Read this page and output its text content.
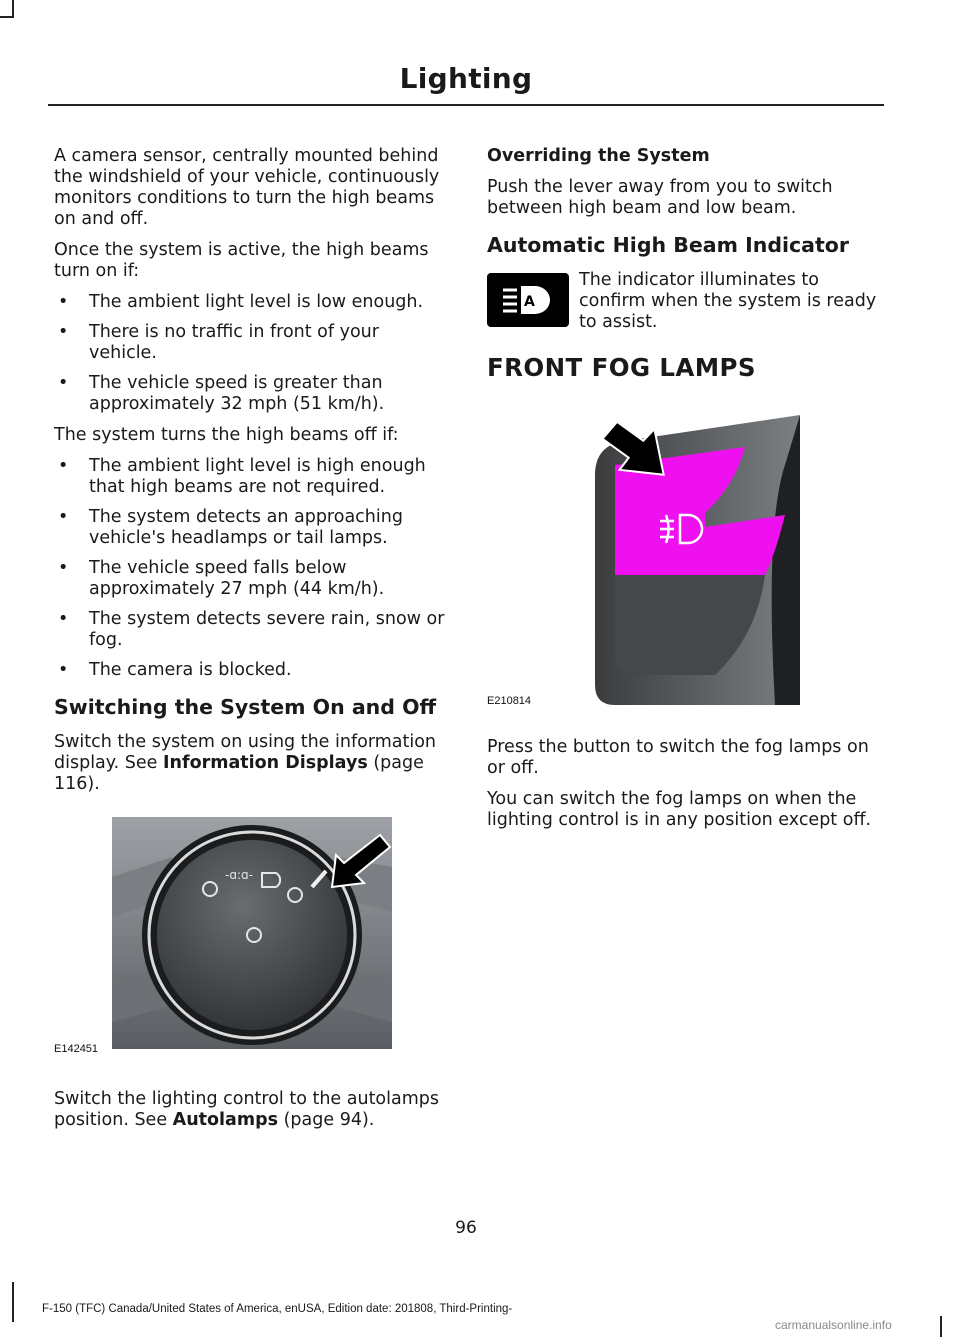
Lighting

A camera sensor, centrally mounted behind the windshield of your vehicle, continuously monitors conditions to turn the high beams on and off.

Once the system is active, the high beams turn on if:

• The ambient light level is low enough.
• There is no traffic in front of your vehicle.
• The vehicle speed is greater than approximately 32 mph (51 km/h).

The system turns the high beams off if:

• The ambient light level is high enough that high beams are not required.
• The system detects an approaching vehicle's headlamps or tail lamps.
• The vehicle speed falls below approximately 27 mph (44 km/h).
• The system detects severe rain, snow or fog.
• The camera is blocked.
Switching the System On and Off

Switch the system on using the information display. See Information Displays (page 116).

-ɑ:ɑ-
E142451

Switch the lighting control to the autolamps position. See Autolamps (page 94).

Overriding the System

Push the lever away from you to switch between high beam and low beam.

Automatic High Beam Indicator
A
The indicator illuminates to confirm when the system is ready to assist.
FRONT FOG LAMPS
E210814

Press the button to switch the fog lamps on or off.

You can switch the fog lamps on when the lighting control is in any position except off.

96
F-150 (TFC) Canada/United States of America, enUSA, Edition date: 201808, Third-Printing-
carmanualsonline.info
